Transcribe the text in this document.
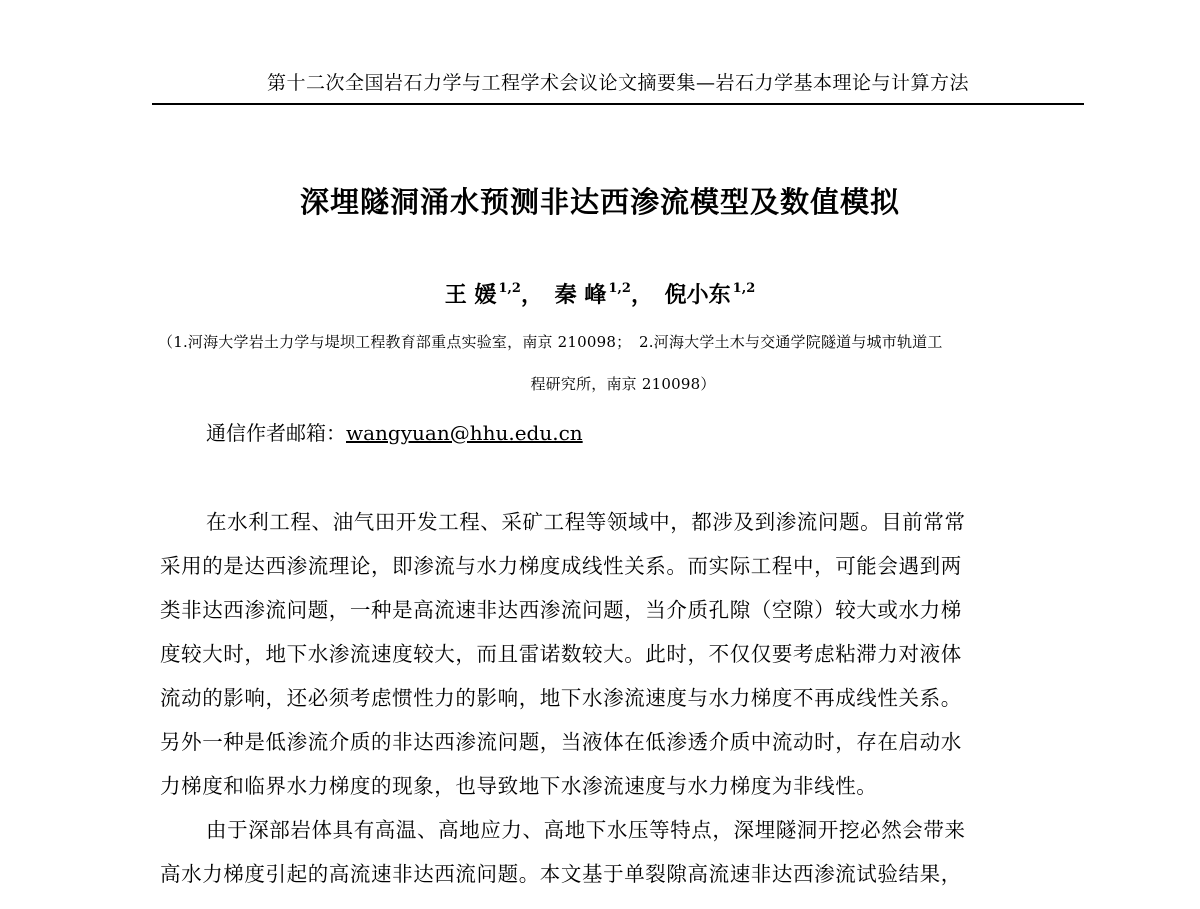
第十二次全国岩石力学与工程学术会议论文摘要集—岩石力学基本理论与计算方法
深埋隧洞涌水预测非达西渗流模型及数值模拟
王 媛 $^{1,2}$， 秦 峰 $^{1,2}$， 倪小东 $^{1,2}$
（1.河海大学岩土力学与堤坝工程教育部重点实验室，南京 210098；　2.河海大学土木与交通学院隧道与城市轨道工
程研究所，南京 210098）
通信作者邮箱：wangyuan@hhu.edu.cn
在水利工程、油气田开发工程、采矿工程等领域中，都涉及到渗流问题。目前常常
采用的是达西渗流理论，即渗流与水力梯度成线性关系。而实际工程中，可能会遇到两
类非达西渗流问题，一种是高流速非达西渗流问题，当介质孔隙（空隙）较大或水力梯
度较大时，地下水渗流速度较大，而且雷诺数较大。此时，不仅仅要考虑粘滞力对液体
流动的影响，还必须考虑惯性力的影响，地下水渗流速度与水力梯度不再成线性关系。
另外一种是低渗流介质的非达西渗流问题，当液体在低渗透介质中流动时，存在启动水
力梯度和临界水力梯度的现象，也导致地下水渗流速度与水力梯度为非线性。
由于深部岩体具有高温、高地应力、高地下水压等特点，深埋隧洞开挖必然会带来
高水力梯度引起的高流速非达西流问题。本文基于单裂隙高流速非达西渗流试验结果，
